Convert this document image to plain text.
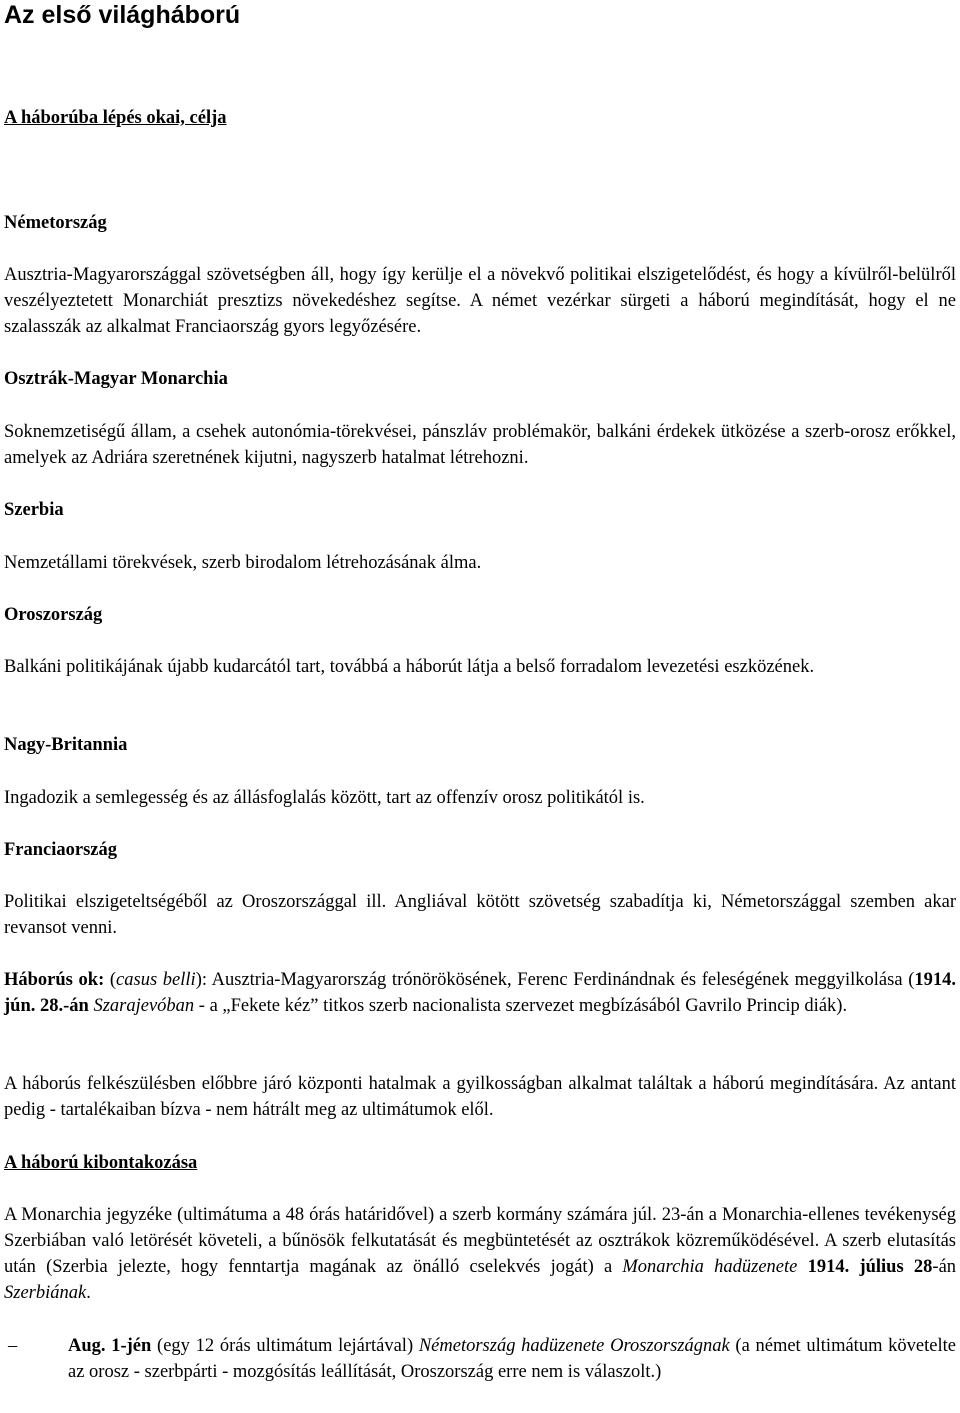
Az első világháború

A háborúba lépés okai, célja

Németország

Ausztria-Magyarországgal szövetségben áll, hogy így kerülje el a növekvő politikai elszigetelődést, és hogy a kívülről-belülről veszélyeztetett Monarchiát presztizs növekedéshez segítse. A német vezérkar sürgeti a háború megindítását, hogy el ne szalasszák az alkalmat Franciaország gyors legyőzésére.

Osztrák-Magyar Monarchia

Soknemzetiségű állam, a csehek autonómia-törekvései, pánszláv problémakör, balkáni érdekek ütközése a szerb-orosz erőkkel, amelyek az Adriára szeretnének kijutni, nagyszerb hatalmat létrehozni.

Szerbia

Nemzetállami törekvések, szerb birodalom létrehozásának álma.

Oroszország

Balkáni politikájának újabb kudarcától tart, továbbá a háborút látja a belső forradalom levezetési eszközének.

Nagy-Britannia

Ingadozik a semlegesség és az állásfoglalás között, tart az offenzív orosz politikától is.

Franciaország

Politikai elszigeteltségéből az Oroszországgal ill. Angliával kötött szövetség szabadítja ki, Németországgal szemben akar revansot venni.

Háborús ok: (casus belli): Ausztria-Magyarország trónörökösének, Ferenc Ferdinándnak és feleségének meggyilkolása (1914. jún. 28.-án Szarajevóban - a „Fekete kéz” titkos szerb nacionalista szervezet megbízásából Gavrilo Princip diák).

A háborús felkészülésben előbbre járó központi hatalmak a gyilkosságban alkalmat találtak a háború megindítására. Az antant pedig - tartalékaiban bízva - nem hátrált meg az ultimátumok elől.

A háború kibontakozása

A Monarchia jegyzéke (ultimátuma a 48 órás határidővel) a szerb kormány számára júl. 23-án a Monarchia-ellenes tevékenység Szerbiában való letörését követeli, a bűnösök felkutatását és megbüntetését az osztrákok közreműködésével. A szerb elutasítás után (Szerbia jelezte, hogy fenntartja magának az önálló cselekvés jogát) a Monarchia hadüzenete 1914. július 28-án Szerbiának.

–	Aug. 1-jén (egy 12 órás ultimátum lejártával) Németország hadüzenete Oroszországnak (a német ultimátum követelte az orosz - szerbpárti - mozgósítás leállítását, Oroszország erre nem is válaszolt.)
